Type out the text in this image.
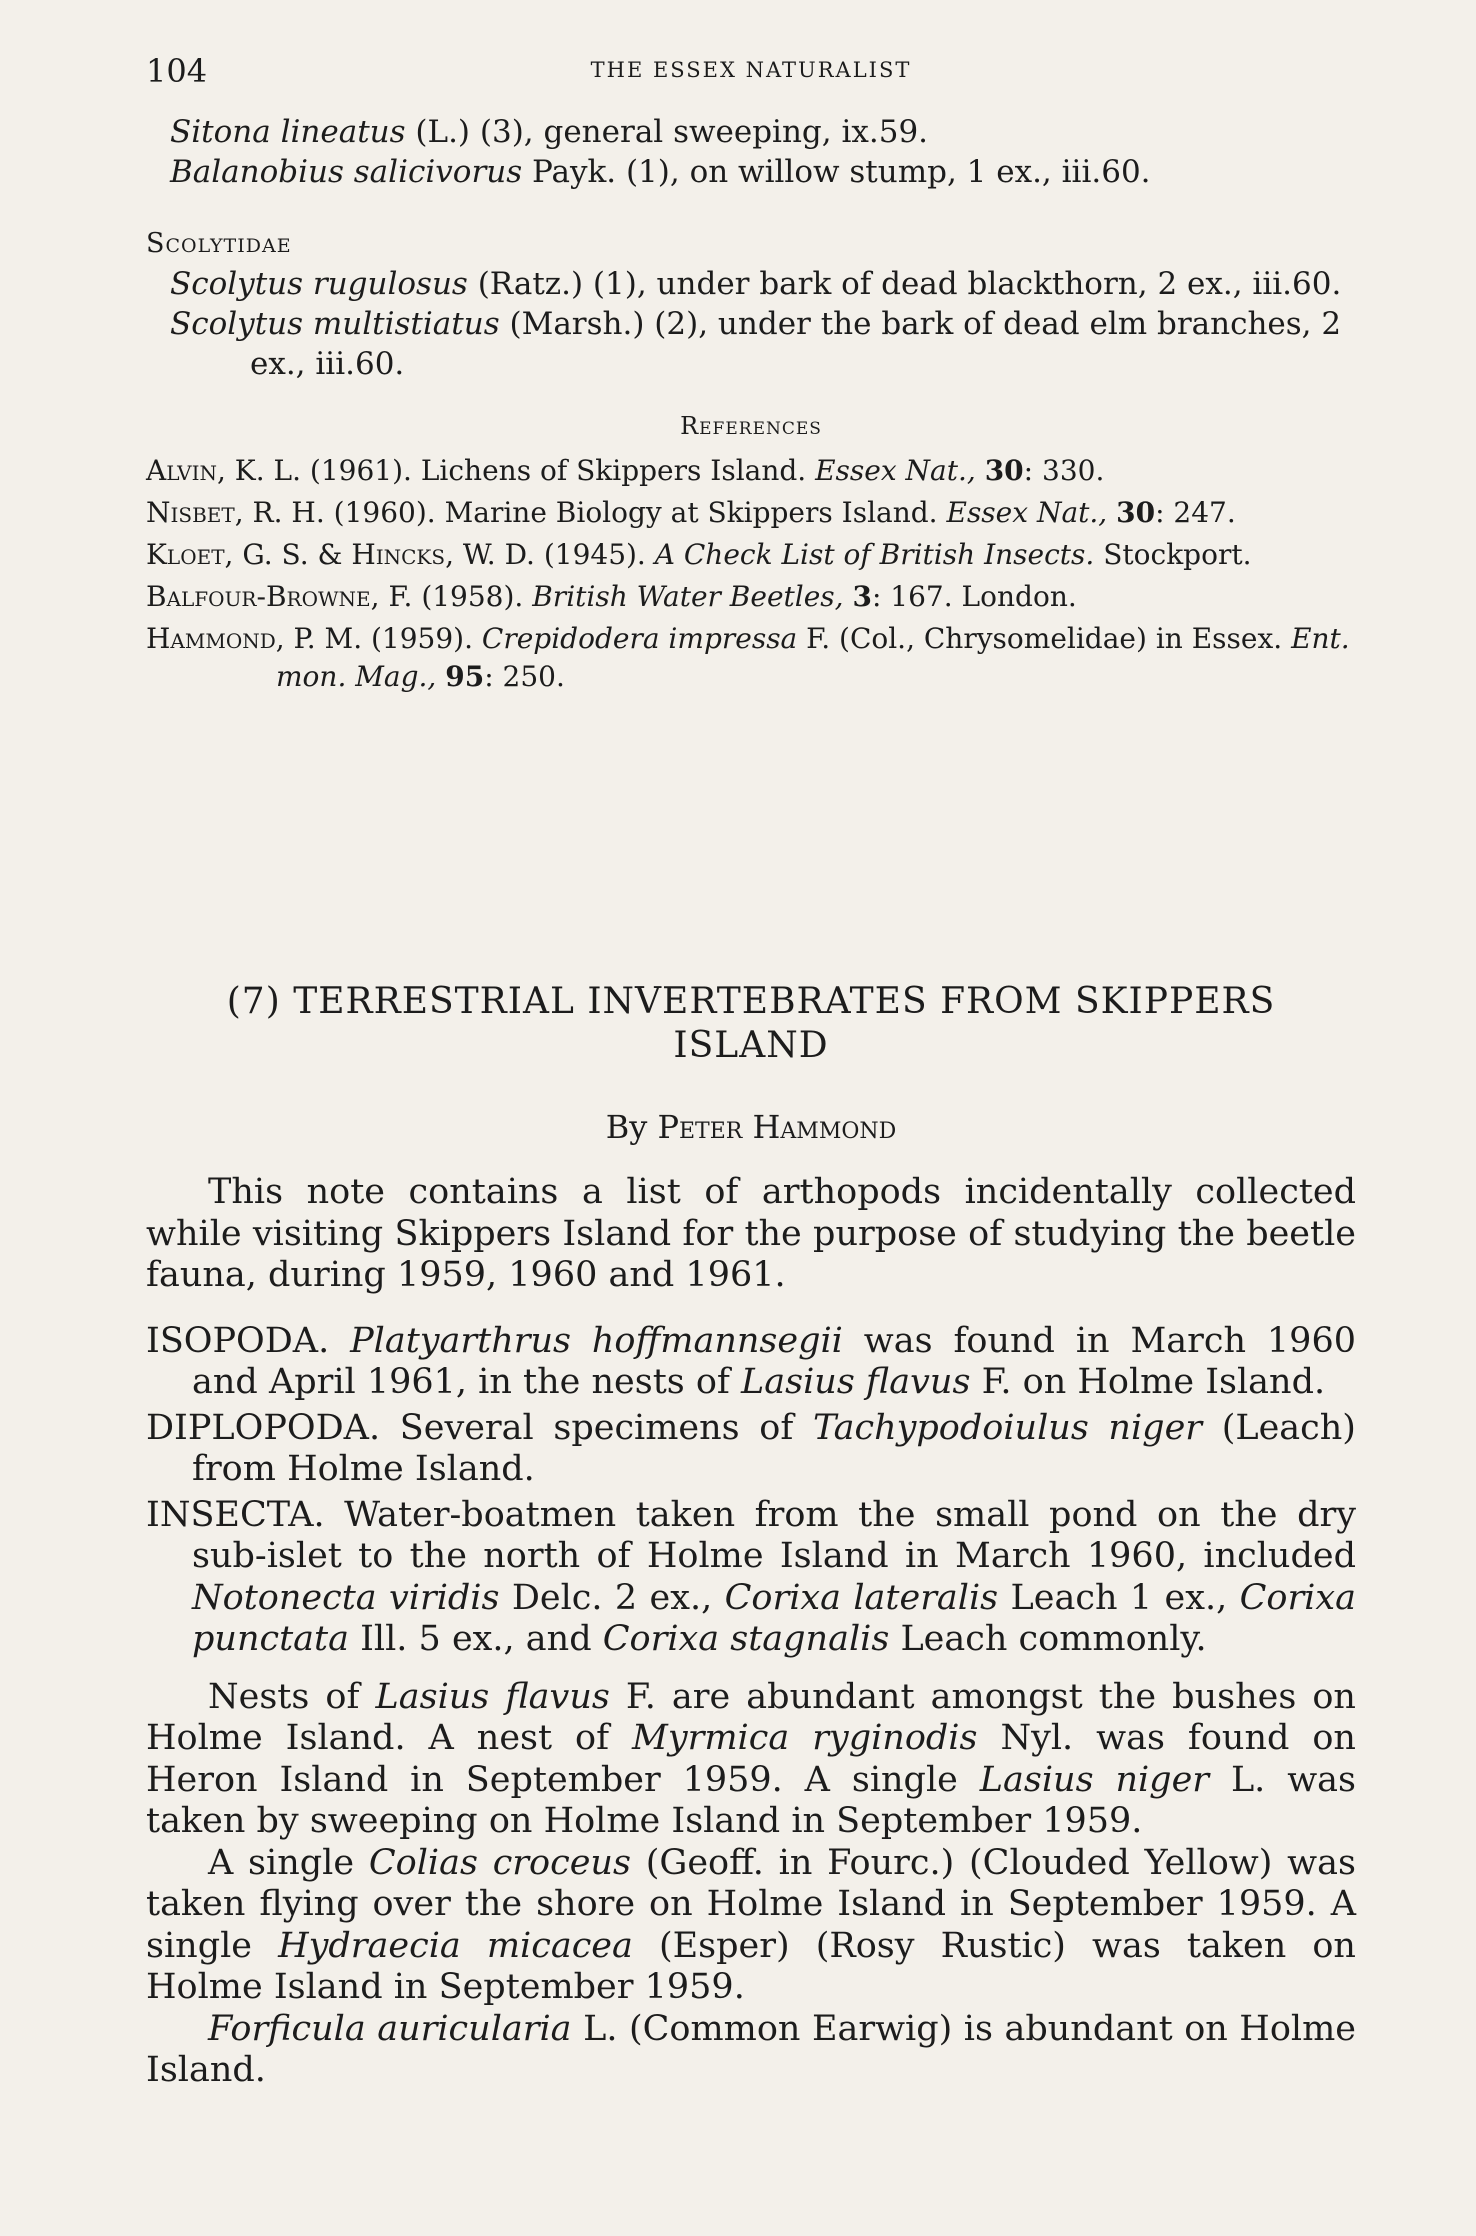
104	THE ESSEX NATURALIST

Sitona lineatus (L.) (3), general sweeping, ix.59.

Balanobius salicivorus Payk. (1), on willow stump, 1 ex., iii.60.

Scolytidae

Scolytus rugulosus (Ratz.) (1), under bark of dead blackthorn, 2 ex., iii.60.

Scolytus multistiatus (Marsh.) (2), under the bark of dead elm branches, 2 ex., iii.60.

References

Alvin, K. L. (1961). Lichens of Skippers Island. Essex Nat., 30: 330.

Nisbet, R. H. (1960). Marine Biology at Skippers Island. Essex Nat., 30: 247.

Kloet, G. S. & Hincks, W. D. (1945). A Check List of British Insects. Stockport.

Balfour-Browne, F. (1958). British Water Beetles, 3: 167. London.

Hammond, P. M. (1959). Crepidodera impressa F. (Col., Chrysomelidae) in Essex. Ent. mon. Mag., 95: 250.

(7) TERRESTRIAL INVERTEBRATES FROM SKIPPERS
ISLAND
By Peter Hammond

This note contains a list of arthopods incidentally collected while visiting Skippers Island for the purpose of studying the beetle fauna, during 1959, 1960 and 1961.

ISOPODA. Platyarthrus hoffmannsegii was found in March 1960 and April 1961, in the nests of Lasius flavus F. on Holme Island.

DIPLOPODA. Several specimens of Tachypodoiulus niger (Leach) from Holme Island.

INSECTA. Water-boatmen taken from the small pond on the dry sub-islet to the north of Holme Island in March 1960, included Notonecta viridis Delc. 2 ex., Corixa lateralis Leach 1 ex., Corixa punctata Ill. 5 ex., and Corixa stagnalis Leach commonly.

Nests of Lasius flavus F. are abundant amongst the bushes on Holme Island. A nest of Myrmica ryginodis Nyl. was found on Heron Island in September 1959. A single Lasius niger L. was taken by sweeping on Holme Island in September 1959.

A single Colias croceus (Geoff. in Fourc.) (Clouded Yellow) was taken flying over the shore on Holme Island in September 1959. A single Hydraecia micacea (Esper) (Rosy Rustic) was taken on Holme Island in September 1959.

Forficula auricularia L. (Common Earwig) is abundant on Holme Island.
